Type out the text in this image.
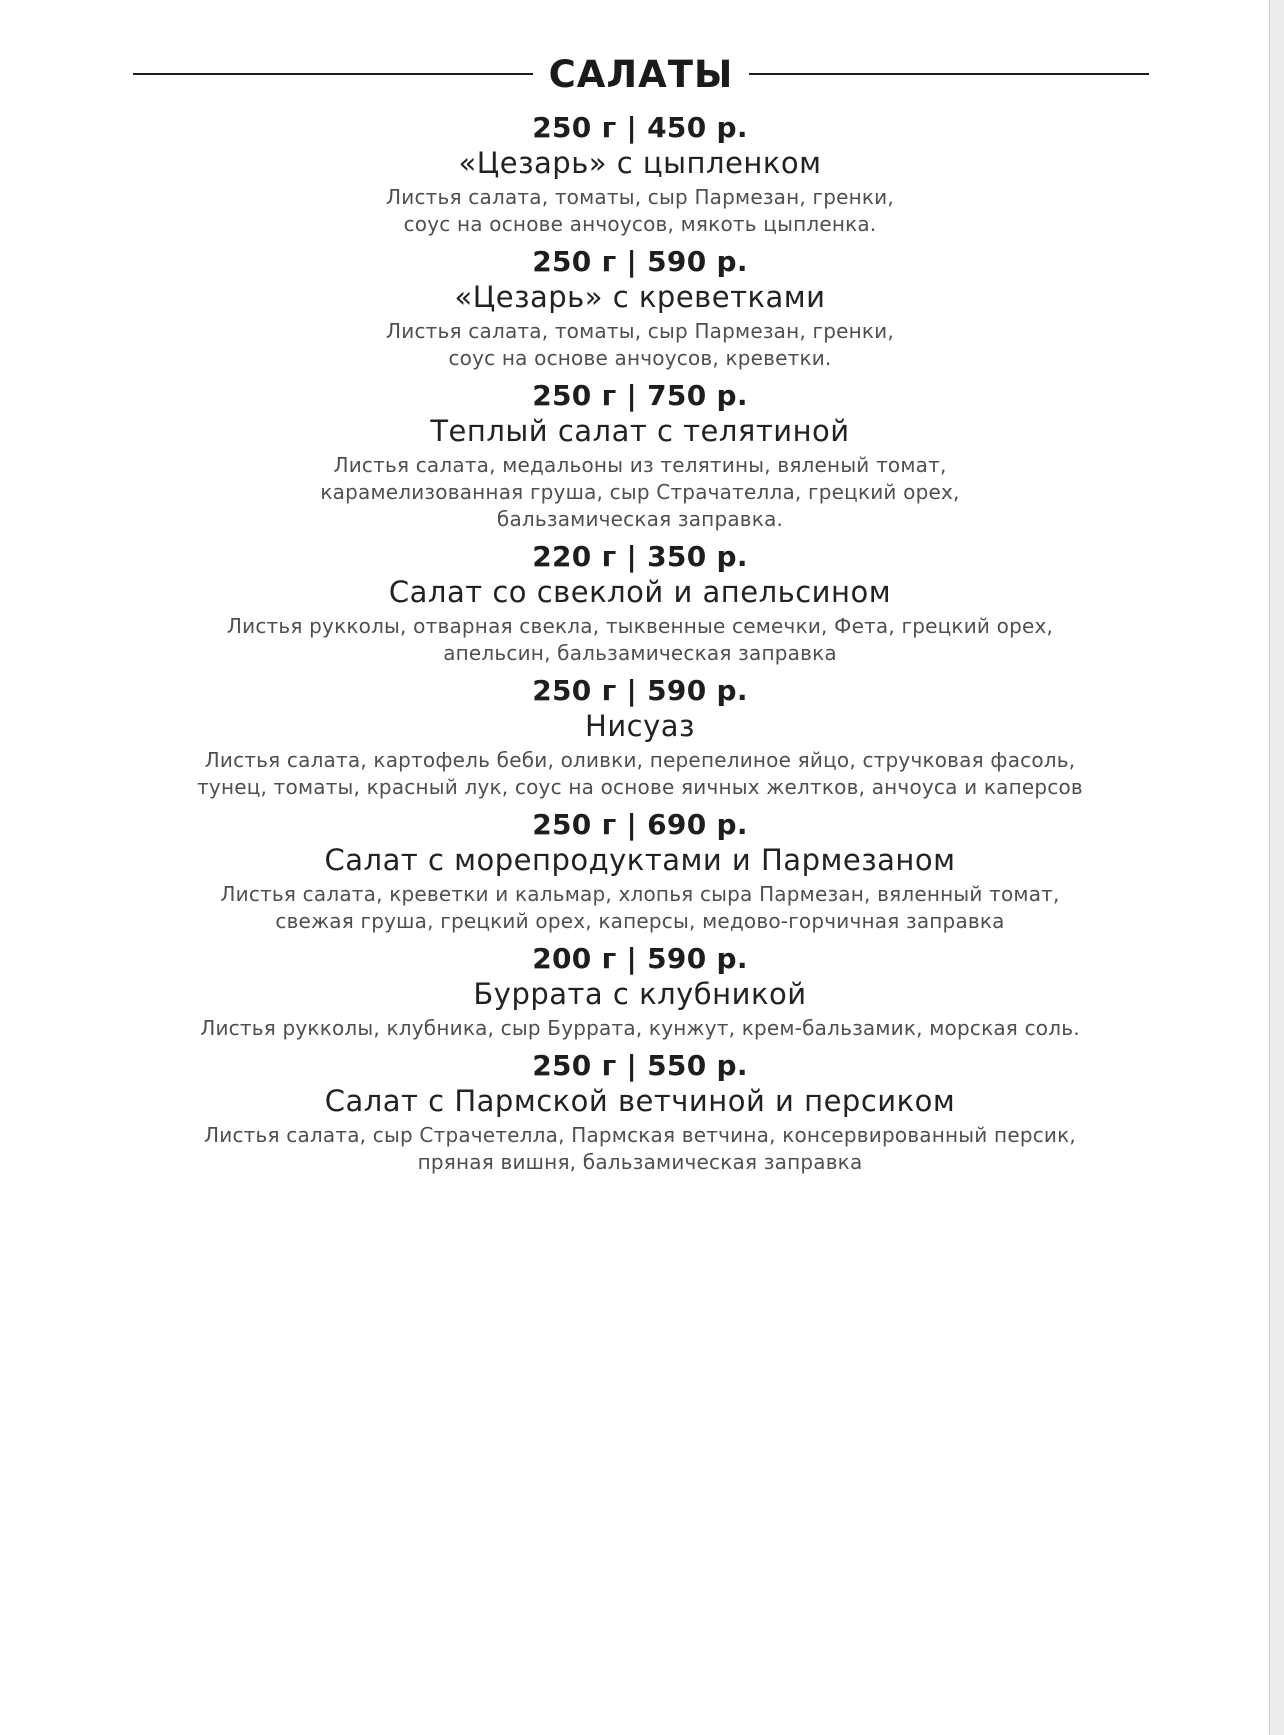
САЛАТЫ
250 г | 450 р.
«Цезарь» с цыпленком
Листья салата, томаты, сыр Пармезан, гренки,
соус на основе анчоусов, мякоть цыпленка.
250 г | 590 р.
«Цезарь» с креветками
Листья салата, томаты, сыр Пармезан, гренки,
соус на основе анчоусов, креветки.
250 г | 750 р.
Теплый салат с телятиной
Листья салата, медальоны из телятины, вяленый томат,
карамелизованная груша, сыр Страчателла, грецкий орех,
бальзамическая заправка.
220 г | 350 р.
Салат со свеклой и апельсином
Листья рукколы, отварная свекла, тыквенные семечки, Фета, грецкий орех,
апельсин, бальзамическая заправка
250 г | 590 р.
Нисуаз
Листья салата, картофель беби, оливки, перепелиное яйцо, стручковая фасоль,
тунец, томаты, красный лук, соус на основе яичных желтков, анчоуса и каперсов
250 г | 690 р.
Салат с морепродуктами и Пармезаном
Листья салата, креветки и кальмар, хлопья сыра Пармезан, вяленный томат,
свежая груша, грецкий орех, каперсы, медово-горчичная заправка
200 г | 590 р.
Буррата с клубникой
Листья рукколы, клубника, сыр Буррата, кунжут, крем-бальзамик, морская соль.
250 г | 550 р.
Салат с Пармской ветчиной и персиком
Листья салата, сыр Страчетелла, Пармская ветчина, консервированный персик,
пряная вишня, бальзамическая заправка
